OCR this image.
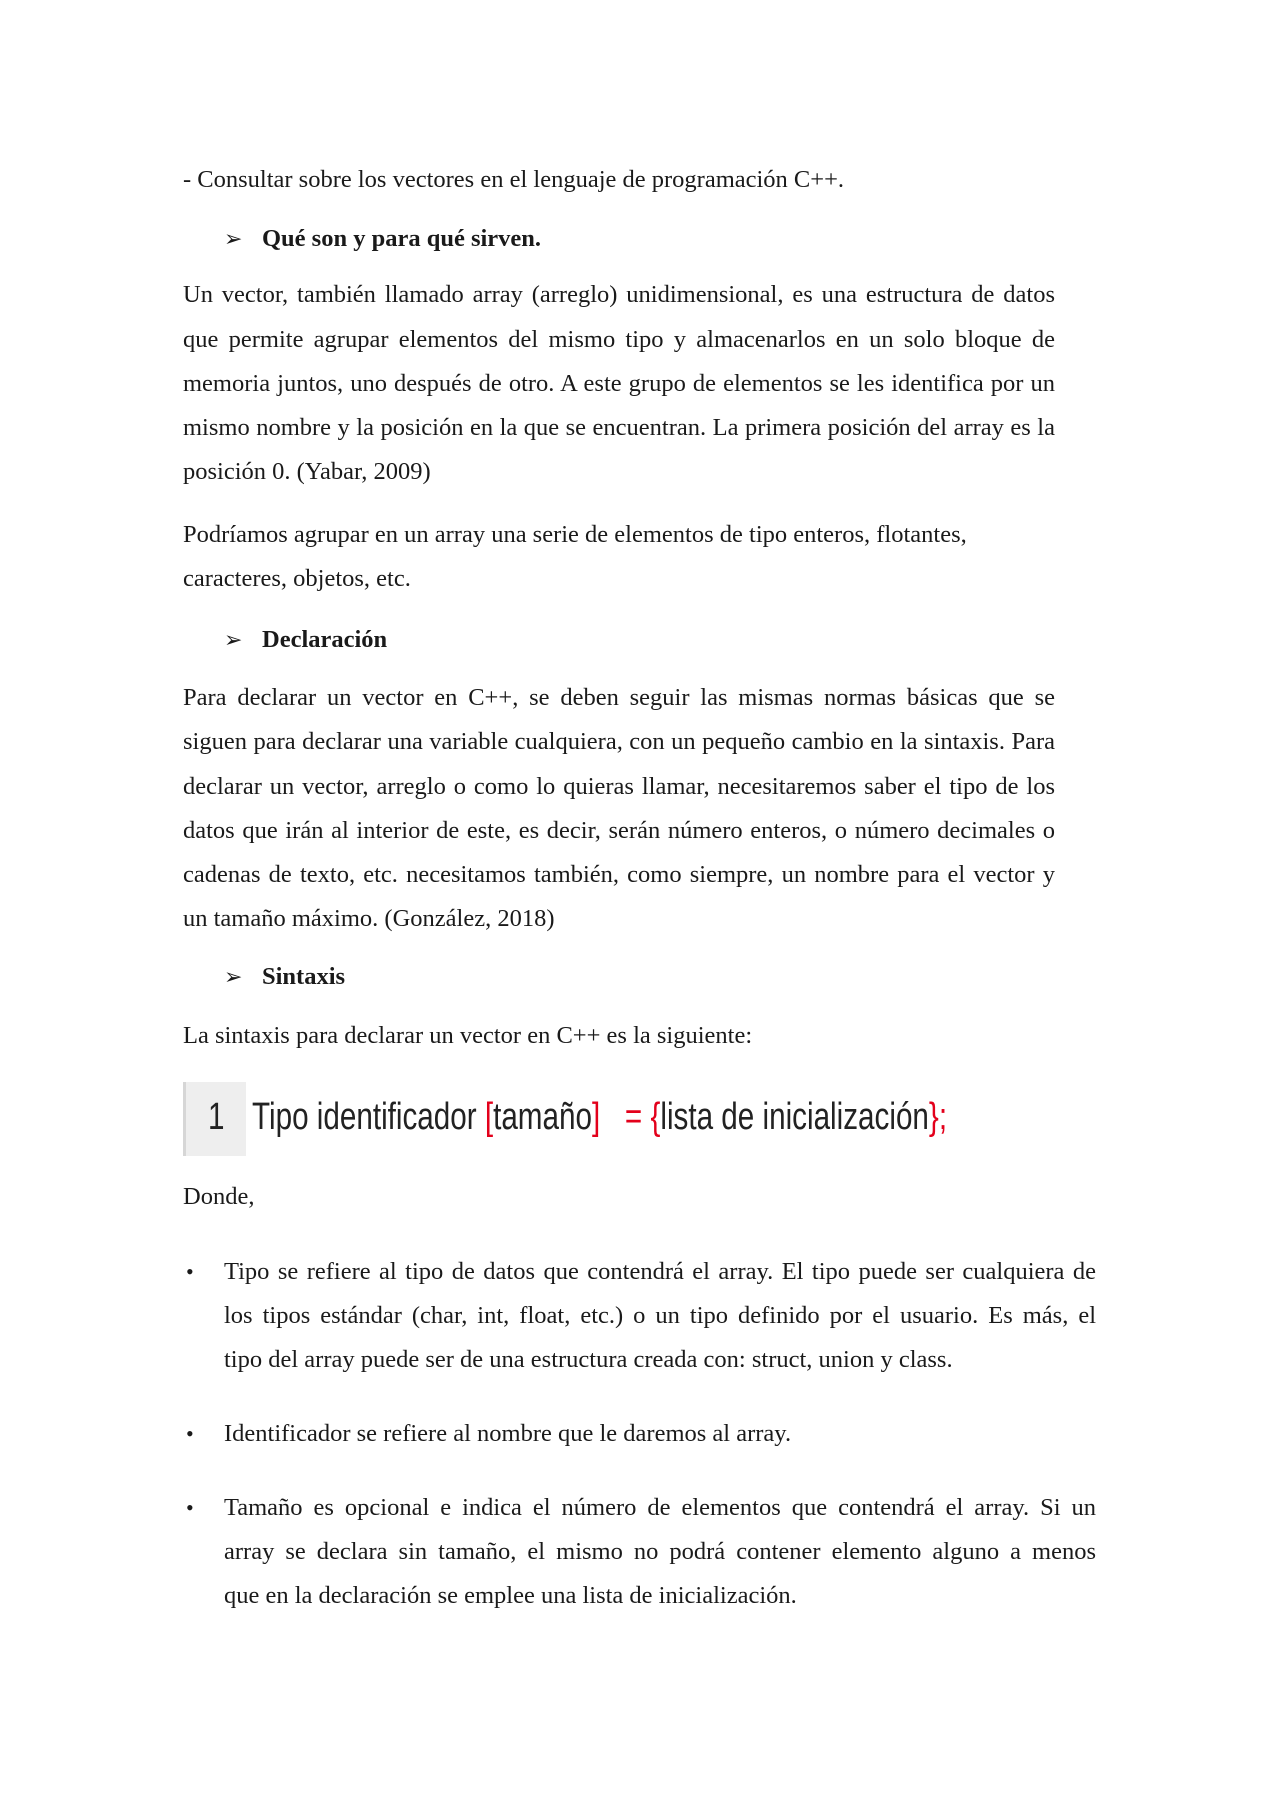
- Consultar sobre los vectores en el lenguaje de programación C++.
➢ Qué son y para qué sirven.
Un vector, también llamado array (arreglo) unidimensional, es una estructura de datos
que permite agrupar elementos del mismo tipo y almacenarlos en un solo bloque de
memoria juntos, uno después de otro. A este grupo de elementos se les identifica por un
mismo nombre y la posición en la que se encuentran. La primera posición del array es la
posición 0. (Yabar, 2009)
Podríamos agrupar en un array una serie de elementos de tipo enteros, flotantes,
caracteres, objetos, etc.
➢ Declaración
Para declarar un vector en C++, se deben seguir las mismas normas básicas que se
siguen para declarar una variable cualquiera, con un pequeño cambio en la sintaxis. Para
declarar un vector, arreglo o como lo quieras llamar, necesitaremos saber el tipo de los
datos que irán al interior de este, es decir, serán número enteros, o número decimales o
cadenas de texto, etc. necesitamos también, como siempre, un nombre para el vector y
un tamaño máximo. (González, 2018)
➢ Sintaxis
La sintaxis para declarar un vector en C++ es la siguiente:
1 Tipo identificador [tamaño] = {lista de inicialización};
Donde,
• Tipo se refiere al tipo de datos que contendrá el array. El tipo puede ser cualquiera de
los tipos estándar (char, int, float, etc.) o un tipo definido por el usuario. Es más, el
tipo del array puede ser de una estructura creada con: struct, union y class.
• Identificador se refiere al nombre que le daremos al array.
• Tamaño es opcional e indica el número de elementos que contendrá el array. Si un
array se declara sin tamaño, el mismo no podrá contener elemento alguno a menos
que en la declaración se emplee una lista de inicialización.
